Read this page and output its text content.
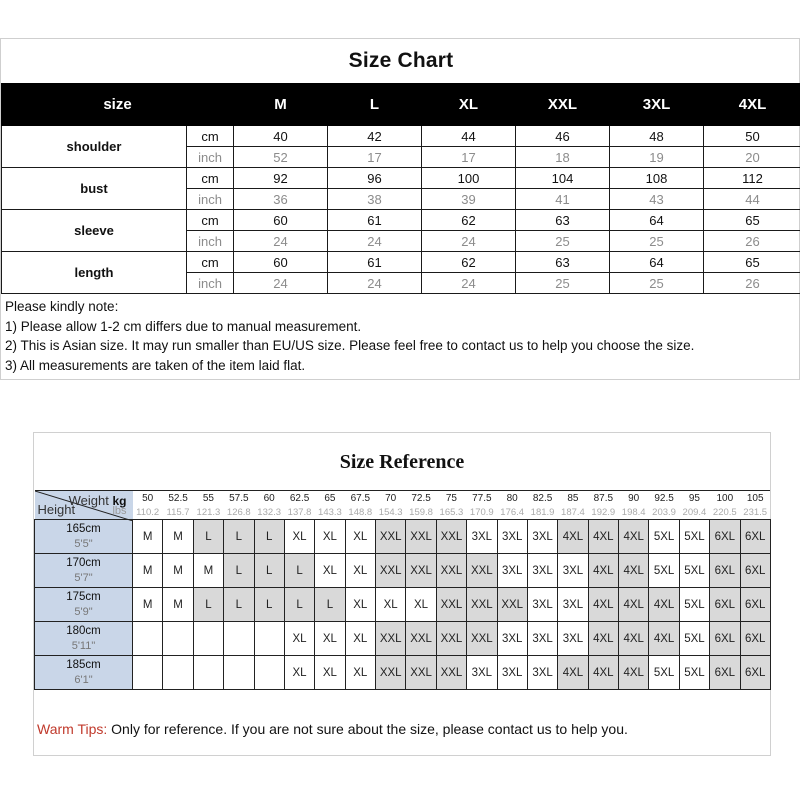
Size Chart
size		M	L	XL	XXL	3XL	4XL
shoulder	cm	40	42	44	46	48	50
	inch	52	17	17	18	19	20
bust	cm	92	96	100	104	108	112
	inch	36	38	39	41	43	44
sleeve	cm	60	61	62	63	64	65
	inch	24	24	24	25	25	26
length	cm	60	61	62	63	64	65
	inch	24	24	24	25	25	26
Please kindly note:
1) Please allow 1-2 cm differs due to manual measurement.
2) This is Asian size. It may run smaller than EU/US size. Please feel free to contact us to help you choose the size.
3) All measurements are taken of the item laid flat.
Size Reference
Weight kg
Height lbs	50	52.5	55	57.5	60	62.5	65	67.5	70	72.5	75	77.5	80	82.5	85	87.5	90	92.5	95	100	105
	110.2	115.7	121.3	126.8	132.3	137.8	143.3	148.8	154.3	159.8	165.3	170.9	176.4	181.9	187.4	192.9	198.4	203.9	209.4	220.5	231.5

165cm
5'5"	M	M	L	L	L	XL	XL	XL	XXL	XXL	XXL	3XL	3XL	3XL	4XL	4XL	4XL	5XL	5XL	6XL	6XL

170cm
5'7"	M	M	M	L	L	L	XL	XL	XXL	XXL	XXL	XXL	3XL	3XL	3XL	4XL	4XL	5XL	5XL	6XL	6XL

175cm
5'9"	M	M	L	L	L	L	L	XL	XL	XL	XXL	XXL	XXL	3XL	3XL	4XL	4XL	4XL	5XL	6XL	6XL

180cm
5'11"						XL	XL	XL	XXL	XXL	XXL	XXL	3XL	3XL	3XL	4XL	4XL	4XL	5XL	6XL	6XL

185cm
6'1"						XL	XL	XL	XXL	XXL	XXL	3XL	3XL	3XL	4XL	4XL	4XL	5XL	5XL	6XL	6XL
Warm Tips: Only for reference. If you are not sure about the size, please contact us to help you.
